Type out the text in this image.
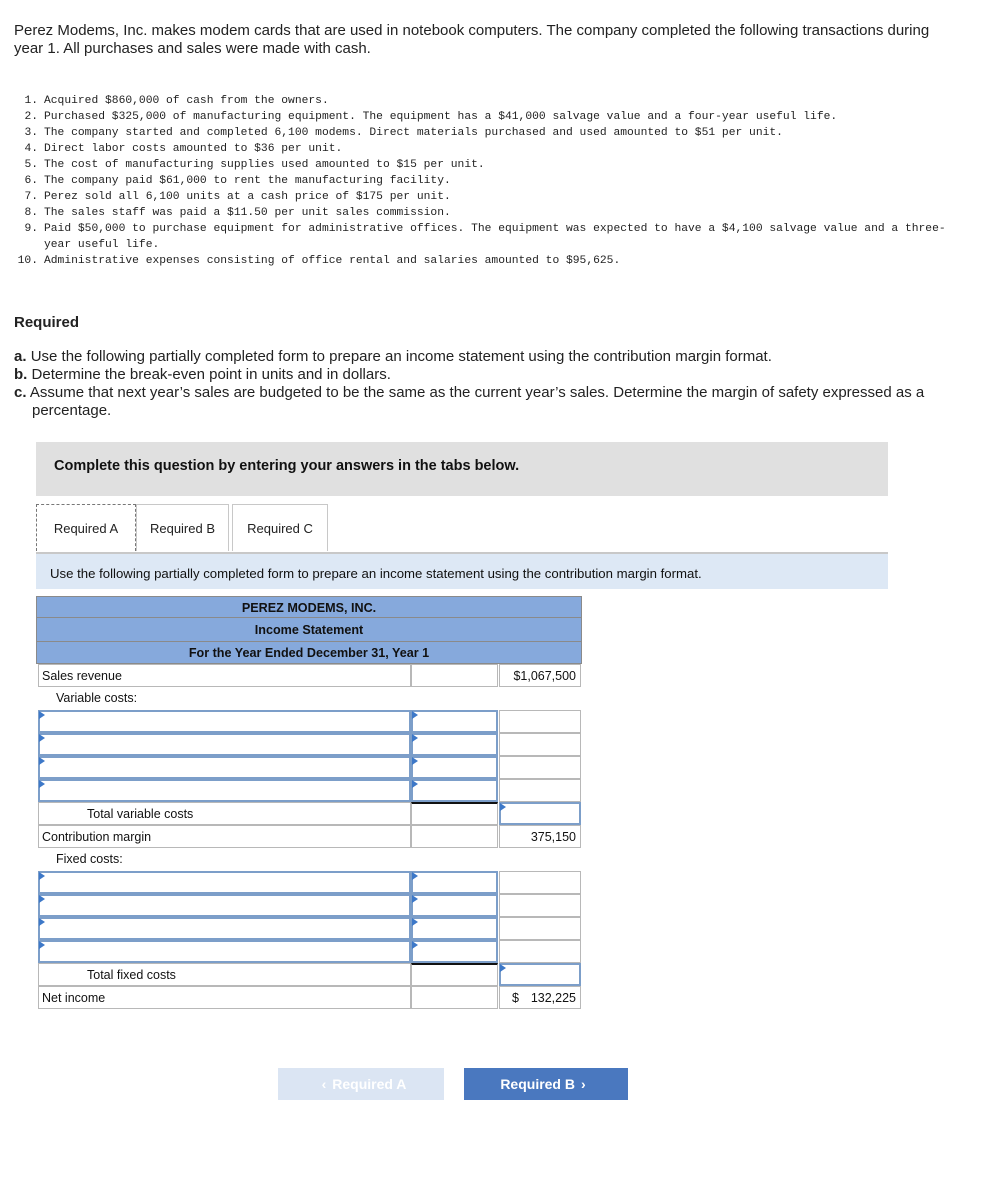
Perez Modems, Inc. makes modem cards that are used in notebook computers. The company completed the following transactions during year 1. All purchases and sales were made with cash.

1. Acquired $860,000 of cash from the owners.
2. Purchased $325,000 of manufacturing equipment. The equipment has a $41,000 salvage value and a four-year useful life.
3. The company started and completed 6,100 modems. Direct materials purchased and used amounted to $51 per unit.
4. Direct labor costs amounted to $36 per unit.
5. The cost of manufacturing supplies used amounted to $15 per unit.
6. The company paid $61,000 to rent the manufacturing facility.
7. Perez sold all 6,100 units at a cash price of $175 per unit.
8. The sales staff was paid a $11.50 per unit sales commission.
9. Paid $50,000 to purchase equipment for administrative offices. The equipment was expected to have a $4,100 salvage value and a three-year useful life.
10. Administrative expenses consisting of office rental and salaries amounted to $95,625.

Required

a. Use the following partially completed form to prepare an income statement using the contribution margin format.
b. Determine the break-even point in units and in dollars.
c. Assume that next year’s sales are budgeted to be the same as the current year’s sales. Determine the margin of safety expressed as a percentage.
Complete this question by entering your answers in the tabs below.
Required A	Required B	Required C
Use the following partially completed form to prepare an income statement using the contribution margin format.
PEREZ MODEMS, INC.
Income Statement
For the Year Ended December 31, Year 1
Sales revenue	$1,067,500
Variable costs:
Total variable costs
Contribution margin	375,150
Fixed costs:
Total fixed costs
Net income	$ 132,225
‹ Required A	Required B ›
